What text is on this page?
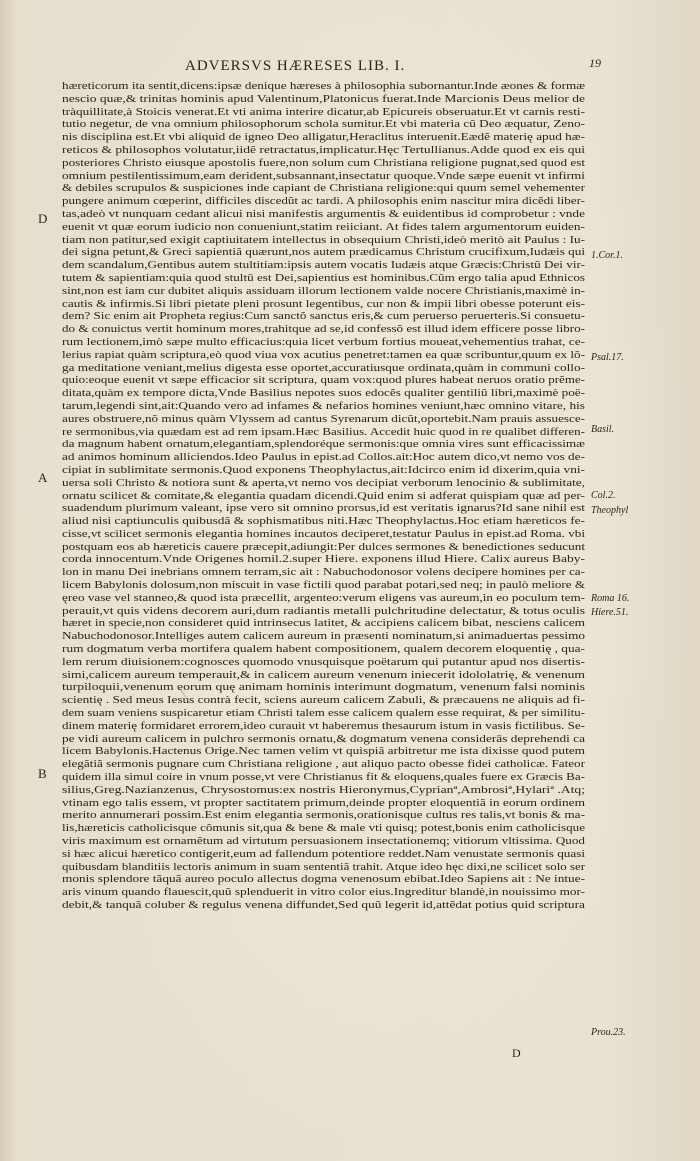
ADVERSVS HÆRESES LIB. I.	19
hæreticorum ita sentit,dicens:ipsæ denique hæreses à philosophia subornantur.Inde æones & formæ
nescio quæ,& trinitas hominis apud Valentinum,Platonicus fuerat.Inde Marcionis Deus melior de
tràquillitate,à Stoicis venerat.Et vti anima interire dicatur,ab Epicureis obseruatur.Et vt carnis resti-
tutio negetur, de vna omnium philosophorum schola sumitur.Et vbi materia cũ Deo æquatur, Zeno-
nis disciplina est.Et vbi aliquid de igneo Deo alligatur,Heraclitus interuenit.Eædẽ materię apud hæ-
reticos & philosophos volutatur,iidẽ retractatus,implicatur.Hęc Tertullianus.Adde quod ex eis qui
posteriores Christo eiusque apostolis fuere,non solum cum Christiana religione pugnat,sed quod est
omnium pestilentissimum,eam derident,subsannant,insectatur quoque.Vnde sæpe euenit vt infirmi
& debiles scrupulos & suspiciones inde capiant de Christiana religione:qui quum semel vehementer
pungere animum cœperint, difficiles discedũt ac tardi. A philosophis enim nascitur mira dicẽdi liber-
tas,adeò vt nunquam cedant alicui nisi manifestis argumentis & euidentibus id comprobetur : vnde
euenit vt quæ eorum iudicio non conueniunt,statim reiiciant. At fides talem argumentorum euiden-
tiam non patitur,sed exigit captiuitatem intellectus in obsequium Christi,ideò meritò ait Paulus : Iu-
dei signa petunt,& Greci sapientiã quærunt,nos autem prædicamus Christum crucifixum,Iudæis qui
dem scandalum,Gentibus autem stultitiam:ipsis autem vocatis Iudæis atque Græcis:Christũ Dei vir-
tutem & sapientiam:quia quod stultũ est Dei,sapientius est hominibus.Cũm ergo talia apud Ethnicos
sint,non est iam cur dubitet aliquis assiduam illorum lectionem valde nocere Christianis,maximè in-
cautis & infirmis.Si libri pietate pleni prosunt legentibus, cur non & impii libri obesse poterunt eis-
dem? Sic enim ait Propheta regius:Cum sanctõ sanctus eris,& cum peruerso peruerteris.Si consuetu-
do & conuictus vertit hominum mores,trahitque ad se,id confessõ est illud idem efficere posse libro-
rum lectionem,imò sæpe multo efficacius:quia licet verbum fortius moueat,vehementius trahat, ce-
lerius rapiat quàm scriptura,eò quod viua vox acutius penetret:tamen ea quæ scribuntur,quum ex lõ-
ga meditatione veniant,melius digesta esse oportet,accuratiusque ordinata,quàm in communi collo-
quio:eoque euenit vt sæpe efficacior sit scriptura, quam vox:quod plures habeat neruos oratio prẽme-
ditata,quàm ex tempore dicta,Vnde Basilius nepotes suos edocẽs qualiter gentiliũ libri,maximè poë-
tarum,legendi sint,ait:Quando vero ad infames & nefarios homines veniunt,hæc omnino vitare, his
aures obstruere,nõ minus quàm Vlyssem ad cantus Syrenarum dicũt,oportebit.Nam prauis assuesce-
re sermonibus,via quædam est ad rem ipsam.Hæc Basilius. Accedit huic quod in re qualibet differen-
da magnum habent ornatum,elegantiam,splendoréque sermonis:que omnia vires sunt efficacissimæ
ad animos hominum alliciendos.Ideo Paulus in epist.ad Collos.ait:Hoc autem dico,vt nemo vos de-
cipiat in sublimitate sermonis.Quod exponens Theophylactus,ait:Idcirco enim id dixerim,quia vni-
uersa soli Christo & notiora sunt & aperta,vt nemo vos decipiat verborum lenocinio & sublimitate,
ornatu scilicet & comitate,& elegantia quadam dicendi.Quid enim si adferat quispiam quæ ad per-
suadendum plurimum valeant, ipse vero sit omnino prorsus,id est veritatis ignarus?Id sane nihil est
aliud nisi captiunculis quibusdã & sophismatibus niti.Hæc Theophylactus.Hoc etiam hæreticos fe-
cisse,vt scilicet sermonis elegantia homines incautos deciperet,testatur Paulus in epist.ad Roma. vbi
postquam eos ab hæreticis cauere præcepit,adiungit:Per dulces sermones & benedictiones seducunt
corda innocentum.Vnde Origenes homil.2.super Hiere. exponens illud Hiere. Calix aureus Baby-
lon in manu Dei inebrians omnem terram,sic ait : Nabuchodonosor volens decipere homines per ca-
licem Babylonis dolosum,non miscuit in vase fictili quod parabat potari,sed neq; in paulò meliore &
ęreo vase vel stanneo,& quod ista præcellit, argenteo:verum eligens vas aureum,in eo poculum tem-
perauit,vt quis videns decorem auri,dum radiantis metalli pulchritudine delectatur, & totus oculis
hæret in specie,non consideret quid intrinsecus latitet, & accipiens calicem bibat, nesciens calicem
Nabuchodonosor.Intelliges autem calicem aureum in præsenti nominatum,si animaduertas pessimo
rum dogmatum verba mortifera qualem habent compositionem, qualem decorem eloquentię , qua-
lem rerum diuisionem:cognosces quomodo vnusquisque poëtarum qui putantur apud nos disertis-
simi,calicem aureum temperauit,& in calicem aureum venenum iniecerit idololatrię, & venenum
turpiloquii,venenum eorum quę animam hominis interimunt dogmatum, venenum falsi nominis
scientię . Sed meus Iesus contrà fecit, sciens aureum calicem Zabuli, & præcauens ne aliquis ad fi-
dem suam veniens suspicaretur etiam Christi talem esse calicem qualem esse requirat, & per similitu-
dinem materię formidaret errorem,ideo curauit vt haberemus thesaurum istum in vasis fictilibus. Se-
pe vidi aureum calicem in pulchro sermonis ornatu,& dogmatum venena considerās deprehendi ca
licem Babylonis.Hactenus Orige.Nec tamen velim vt quispiã arbitretur me ista dixisse quod putem
elegãtiã sermonis pugnare cum Christiana religione , aut aliquo pacto obesse fidei catholicæ. Fateor
quidem illa simul coire in vnum posse,vt vere Christianus fit & eloquens,quales fuere ex Græcis Ba-
silius,Greg.Nazianzenus, Chrysostomus:ex nostris Hieronymus,Cyprianª,Ambrosiª,Hylariª .Atq;
vtinam ego talis essem, vt propter sactitatem primum,deinde propter eloquentiã in eorum ordinem
merito annumerari possim.Est enim elegantia sermonis,orationisque cultus res talis,vt bonis & ma-
lis,hæreticis catholicisque cõmunis sit,qua & bene & male vti quisq; potest,bonis enim catholicisque
viris maximum est ornamẽtum ad virtutum persuasionem insectationemq; vitiorum vltissima. Quod
si hæc alicui hæretico contigerit,eum ad fallendum potentiore reddet.Nam venustate sermonis quasi
quibusdam blanditiis lectoris animum in suam sententiã trahit. Atque ideo hęc dixi,ne scilicet solo ser
monis splendore tãquã aureo poculo allectus dogma venenosum ebibat.Ideo Sapiens ait : Ne intue-
aris vinum quando flauescit,quũ splenduerit in vitro color eius.Ingreditur blandè,in nouissimo mor-
debit,& tanquã coluber & regulus venena diffundet,Sed quũ legerit id,attẽdat potius quid scriptura
D
A
B
1.Cor.1.
Psal.17.
Basil.
Col.2.
Theophyl
Roma 16.
Hiere.51.
Prou.23.
D
